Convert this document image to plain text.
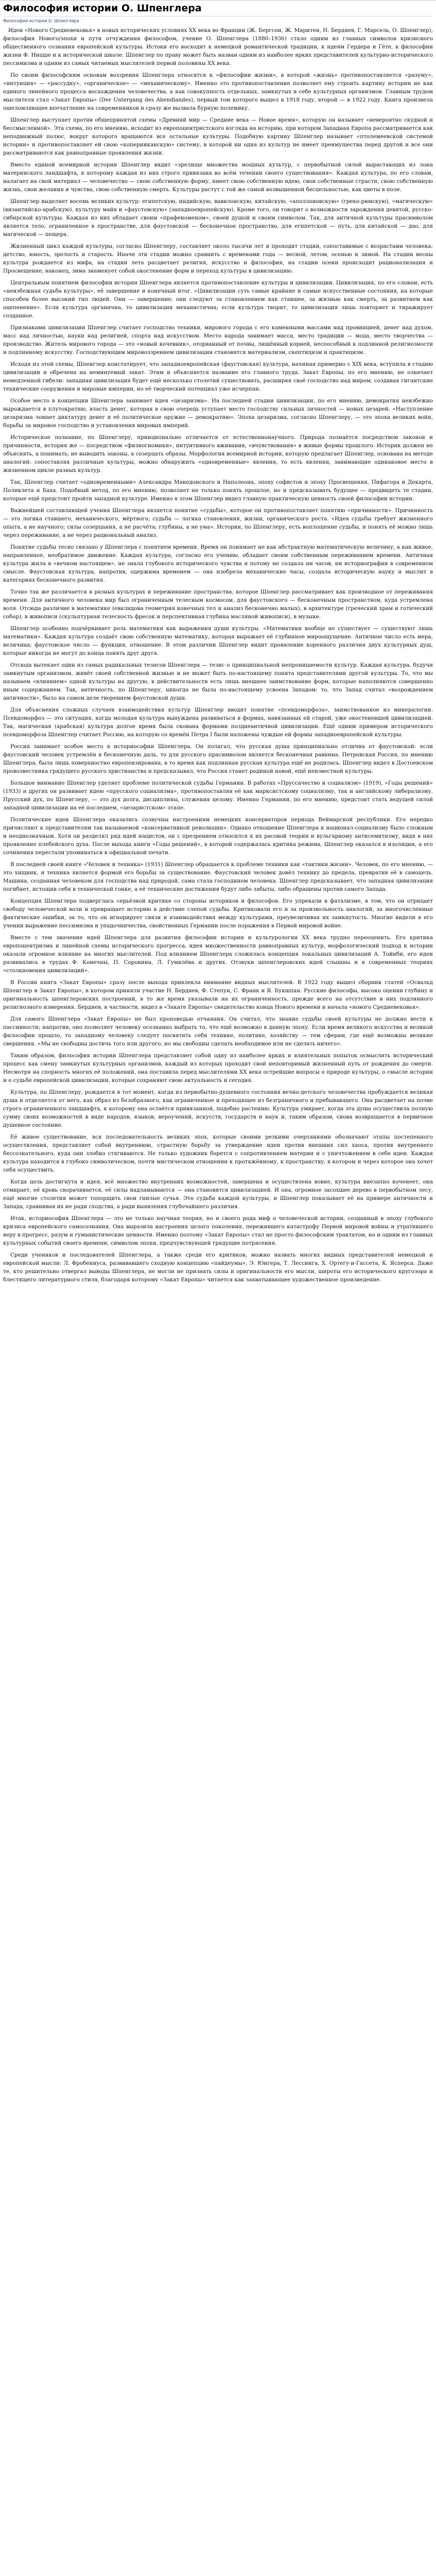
Философия истории О. Шпенглера
Философия истории О. Шпенглера

Идеи «Нового Средневековья» в новых исторических условиях XX века во Франции (Ж. Бергсон, Ж. Маритен, Н. Бердяев, Г. Марсель, О. Шпенглер), философия Нового/эпохи и пути отчуждения философом, учение О. Шпенглера (1880–1936) стало одним из главных символов кризисного общественного сознания европейской культуры. Истоки его восходят к немецкой романтической традиции, к идеям Гердера и Гёте, к философии жизни Ф. Ницше и к исторической школе. Шпенглер по праву может быть назван одним из наиболее ярких представителей культурно-исторического пессимизма и одним из самых читаемых мыслителей первой половины XX века.

По своим философским основам воззрения Шпенглера относятся к «философии жизни», в которой «жизнь» противопоставляется «разуму», «интуиция» — «рассудку», «органическое» — «механическому». Именно это противопоставление позволяет ему строить картину истории не как единого линейного процесса восхождения человечества, а как совокупность отдельных, замкнутых в себе культурных организмов. Главным трудом мыслителя стал «Закат Европы» (Der Untergang des Abendlandes), первый том которого вышел в 1918 году, второй — в 1922 году. Книга произвела ошеломляющее впечатление на современников и сразу же вызвала бурную полемику.

Шпенглер выступает против общепринятой схемы «Древний мир — Средние века — Новое время», которую он называет «невероятно скудной и бессмысленной». Эта схема, по его мнению, исходит из европоцентристского взгляда на историю, при котором Западная Европа рассматривается как неподвижный полюс, вокруг которого вращаются все остальные культуры. Подобную картину Шпенглер называет «птолемеевской системой истории» и противопоставляет ей свою «коперниканскую» систему, в которой ни одна из культур не имеет преимущества перед другой и все они рассматриваются как равноправные проявления жизни.

Вместо единой всемирной истории Шпенглер видит «зрелище множества мощных культур, с первобытной силой вырастающих из лона материнского ландшафта, к которому каждая из них строго привязана во всём течении своего существования». Каждая культура, по его словам, налагает на свой материал — человечество — свою собственную форму, имеет свою собственную идею, свои собственные страсти, свою собственную жизнь, свои желания и чувства, свою собственную смерть. Культуры растут с той же самой возвышенной бесцельностью, как цветы в поле.

Шпенглер выделяет восемь великих культур: египетскую, индийскую, вавилонскую, китайскую, «аполлоновскую» (греко-римскую), «магическую» (византийско-арабскую), культуру майя и «фаустовскую» (западноевропейскую). Кроме того, он говорит о возможности зарождения девятой, русско-сибирской культуры. Каждая из них обладает своим «прафеноменом», своей душой и своим символом. Так, для античной культуры прасимволом является тело, ограниченное в пространстве, для фаустовской — бесконечное пространство, для египетской — путь, для китайской — дао, для магической — пещера.

Жизненный цикл каждой культуры, согласно Шпенглеру, составляет около тысячи лет и проходит стадии, сопоставимые с возрастами человека: детство, юность, зрелость и старость. Иначе эти стадии можно сравнить с временами года — весной, летом, осенью и зимой. На стадии весны культура рождается из мифа, на стадии лета расцветает религия, искусство и философия, на стадии осени происходит рационализация и Просвещение, наконец, зима знаменует собой окостенение форм и переход культуры в цивилизацию.

Центральным понятием философии истории Шпенглера является противопоставление культуры и цивилизации. Цивилизация, по его словам, есть «неизбежная судьба культуры», её завершение и конечный итог. «Цивилизации суть самые крайние и самые искусственные состояния, на которые способен более высокий тип людей. Они — завершение; они следуют за становлением как ставшее, за жизнью как смерть, за развитием как оцепенение». Если культура органична, то цивилизация механистична; если культура творит, то цивилизация лишь повторяет и тиражирует созданное.

Признаками цивилизации Шпенглер считает господство техники, мирового города с его каменными массами над провинцией, денег над духом, масс над личностью, науки над религией, спорта над искусством. Место народа занимает масса, место традиции — мода, место творчества — производство. Житель мирового города — это «новый кочевник», оторванный от почвы, лишённый корней, неспособный к подлинной религиозности и подлинному искусству. Господствующим мировоззрением цивилизации становятся материализм, скептицизм и практицизм.

Исходя из этой схемы, Шпенглер констатирует, что западноевропейская (фаустовская) культура, начиная примерно с XIX века, вступила в стадию цивилизации и обречена на неминуемый закат. Этим и объясняется название его главного труда. Закат Европы, по его мнению, не означает немедленной гибели: западная цивилизация будет ещё несколько столетий существовать, расширяя своё господство над миром, создавая гигантские технические сооружения и мировые империи, но её творческий потенциал уже исчерпан.

Особое место в концепции Шпенглера занимает идея «цезаризма». На последней стадии цивилизации, по его мнению, демократия неизбежно вырождается в плутократию, власть денег, которая в свою очередь уступает место господству сильных личностей — новых цезарей. «Наступление цезаризма ломает диктатуру денег и её политическое оружие — демократию». Эпоха цезаризма, согласно Шпенглеру, — это эпоха великих войн, борьбы за мировое господство и установления мировых империй.

Историческое познание, по Шпенглеру, принципиально отличается от естественнонаучного. Природа познаётся посредством законов и причинности, история же — посредством «физиогномики», интуитивного вживания, «вчувствования» в живые формы прошлого. Историк должен не объяснять, а понимать; не выводить законы, а созерцать образы. Морфология всемирной истории, которую предлагает Шпенглер, основана на методе аналогий: сопоставляя различные культуры, можно обнаружить «одновременные» явления, то есть явления, занимающие одинаковое место в жизненном цикле разных культур.

Так, Шпенглер считает «одновременными» Александра Македонского и Наполеона, эпоху софистов и эпоху Просвещения, Пифагора и Декарта, Поликлета и Баха. Подобный метод, по его мнению, позволяет не только понять прошлое, но и предсказывать будущее — предвидеть те стадии, которые ещё предстоит пройти западной культуре. Именно в этом Шпенглер видел главную практическую ценность своей философии истории.

Важнейшей составляющей учения Шпенглера является понятие «судьбы», которое он противопоставляет понятию «причинности». Причинность — это логика ставшего, механического, мёртвого; судьба — логика становления, жизни, органического роста. «Идея судьбы требует жизненного опыта, а не научного; силы созерцания, а не расчёта; глубины, а не ума». История, по Шпенглеру, есть воплощение судьбы, и понять её можно лишь через переживание, а не через рациональный анализ.

Понятие судьбы тесно связано у Шпенглера с понятием времени. Время он понимает не как абстрактную математическую величину, а как живое, направленное, необратимое движение. Каждая культура, согласно его учению, обладает своим собственным переживанием времени. Античная культура жила в «вечном настоящем», не знала глубокого исторического чувства и потому не создала ни часов, ни историографии в современном смысле. Фаустовская культура, напротив, одержима временем — она изобрела механические часы, создала историческую науку и мыслит в категориях бесконечного развития.

Точно так же различается в разных культурах и переживание пространства, которое Шпенглер рассматривает как производное от переживания времени. Для античного человека мир был ограниченным телесным космосом, для фаустовского — бесконечным пространством, куда устремлена воля. Отсюда различие в математике (евклидова геометрия конечных тел и анализ бесконечно малых), в архитектуре (греческий храм и готический собор), в живописи (скульптурная телесность фресок и перспективная глубина масляной живописи), в музыке.

Шпенглер особенно подчёркивает роль математики как выражения души культуры. «Математики вообще не существует — существуют лишь математики». Каждая культура создаёт свою собственную математику, которая выражает её глубинное мироощущение. Античное число есть мера, величина; фаустовское число — функция, отношение. В этом различии Шпенглер видит проявление коренного различия двух культурных душ, которые никогда не могут до конца понять друг друга.

Отсюда вытекает один из самых радикальных тезисов Шпенглера — тезис о принципиальной непроницаемости культур. Каждая культура, будучи замкнутым организмом, живёт своей собственной жизнью и не может быть по-настоящему понята представителями другой культуры. То, что мы называем «влиянием» одной культуры на другую, в действительности есть лишь внешнее заимствование форм, которые наполняются совершенно иным содержанием. Так, античность, по Шпенглеру, никогда не была по-настоящему усвоена Западом: то, что Запад считал «возрождением античности», было на самом деле творением фаустовской души.

Для объяснения сложных случаев взаимодействия культур Шпенглер вводит понятие «псевдоморфоза», заимствованное из минералогии. Псевдоморфоз — это ситуация, когда молодая культура вынуждена развиваться в формах, навязанных ей старой, уже окостеневшей цивилизацией. Так, магическая (арабская) культура долгое время была скована формами позднеантичной цивилизации. Ещё одним примером исторического псевдоморфоза Шпенглер считает Россию, на которую со времён Петра I были наложены чуждые ей формы западноевропейской культуры.

Россия занимает особое место в историософии Шпенглера. Он полагал, что русская душа принципиально отлична от фаустовской: если фаустовский человек устремлён в бесконечную даль, то для русского прасимволом является бесконечная равнина. Петровская Россия, по мнению Шпенглера, была лишь поверхностно европеизирована, в то время как подлинная русская культура ещё не родилась. Шпенглер видел в Достоевском провозвестника грядущего русского христианства и предсказывал, что Россия станет родиной новой, ещё неизвестной культуры.

Большое внимание Шпенглер уделяет проблеме политической судьбы Германии. В работах «Пруссачество и социализм» (1919), «Годы решений» (1933) и других он развивает идею «прусского социализма», противопоставляя её как марксистскому социализму, так и английскому либерализму. Прусский дух, по Шпенглеру, — это дух долга, дисциплины, служения целому. Именно Германии, по его мнению, предстоит стать ведущей силой западной цивилизации на её последнем, «цезаристском» этапе.

Политические идеи Шпенглера оказались созвучны настроениям немецких консерваторов периода Веймарской республики. Его нередко причисляют к представителям так называемой «консервативной революции». Однако отношение Шпенглера к национал-социализму было сложным и неоднозначным. Хотя он разделял ряд идей нацистов, он с презрением относился к их расовой теории и вульгарному антисемитизму, видя в них проявление плебейского духа. После выхода книги «Годы решений», в которой содержалась критика режима, Шпенглер оказался в изоляции, а его сочинения перестали упоминаться в официальной печати.

В последней своей книге «Человек и техника» (1931) Шпенглер обращается к проблеме техники как «тактики жизни». Человек, по его мнению, — это хищник, и техника является формой его борьбы за существование. Фаустовский человек довёл технику до предела, превратив её в самоцель. Машина, созданная человеком для господства над природой, сама стала господином человека. Шпенглер предсказывает, что западная цивилизация погибнет, истощив себя в технической гонке, а её технические достижения будут либо забыты, либо обращены против самого Запада.

Концепция Шпенглера подверглась серьёзной критике со стороны историков и философов. Его упрекали в фатализме, в том, что он отрицает свободу человеческой воли и превращает историю в действие слепой судьбы. Критиковали его и за произвольность аналогий, за многочисленные фактические ошибки, за то, что он игнорирует связи и взаимодействия между культурами, преувеличивая их замкнутость. Многие видели в его учении выражение пессимизма и упадочничества, свойственных Германии после поражения в Первой мировой войне.

Вместе с тем значение идей Шпенглера для развития философии истории и культурологии XX века трудно переоценить. Его критика европоцентризма и линейной схемы исторического прогресса, идея множественности равноправных культур, морфологический подход к истории оказали огромное влияние на многих мыслителей. Под влиянием Шпенглера сложилась концепция локальных цивилизаций А. Тойнби, его идеи развивались в трудах Ф. Конечны, П. Сорокина, Л. Гумилёва и других. Отзвуки шпенглеровских идей слышны и в современных теориях «столкновения цивилизаций».

В России книга «Закат Европы» сразу после выхода привлекла внимание видных мыслителей. В 1922 году вышел сборник статей «Освальд Шпенглер и Закат Европы», в котором приняли участие Н. Бердяев, Ф. Степун, С. Франк и Я. Букшпан. Русские философы, высоко оценив глубину и оригинальность шпенглеровских построений, в то же время указывали на их ограниченность, прежде всего на отсутствие в них подлинного религиозного измерения. Бердяев, в частности, видел в «Закате Европы» свидетельство конца Нового времени и начала «нового Средневековья».

Для самого Шпенглера «Закат Европы» не был проповедью отчаяния. Он считал, что знание судьбы своей культуры не должно вести к пассивности; напротив, оно позволяет человеку осознанно выбрать то, что ещё возможно в данную эпоху. Если время великого искусства и великой философии прошло, то западному человеку следует посвятить себя технике, политике, хозяйству — тем сферам, где ещё возможны великие свершения. «Мы не свободны достичь того или другого, но мы свободны сделать необходимое или не сделать ничего».

Таким образом, философия истории Шпенглера представляет собой одну из наиболее ярких и влиятельных попыток осмыслить исторический процесс как смену замкнутых культурных организмов, каждый из которых проходит свой неповторимый жизненный путь от рождения до смерти. Несмотря на спорность многих её положений, она поставила перед мыслителями XX века острейшие вопросы о природе культуры, о смысле истории и о судьбе европейской цивилизации, которые сохраняют свою актуальность и сегодня.

Культура, по Шпенглеру, рождается в тот момент, когда из первобытно-душевного состояния вечно-детского человечества пробуждается великая душа и отделяется от него, как образ из безобразного, как ограниченное и преходящее из безграничного и пребывающего. Она расцветает на почве строго ограниченного ландшафта, к которому она остаётся привязанной, подобно растению. Культура умирает, когда эта душа осуществила полную сумму своих возможностей в виде народов, языков, вероучений, искусств, государств и наук и, таким образом, снова возвращается в первичное душевное состояние.

Её живое существование, вся последовательность великих эпох, которые своими резкими очертаниями обозначают этапы постепенного осуществления, представляет собой внутреннюю, страстную борьбу за утверждение идеи против внешних сил хаоса, против внутреннего бессознательного, куда они злобно стягиваются. Не только художник борется с сопротивлением материи и с уничтожением в себе идеи. Каждая культура находится в глубоко символическом, почти мистическом отношении к протяжённому, к пространству, в котором и через которое она хочет себя осуществить.

Когда цель достигнута и идея, всё множество внутренних возможностей, завершена и осуществлена вовне, культура внезапно коченеет, она отмирает, её кровь сворачивается, её силы надламываются — она становится цивилизацией. И она, огромное засохшее дерево в первобытном лесу, ещё многие столетия может топорщить свои гнилые сучья. Это судьба каждой культуры, и Шпенглер показывает её на примере античности и Запада, сравнивая их не ради сходства, а ради выявления глубочайшего различия.

Итак, историософия Шпенглера — это не только научная теория, но и своего рода миф о человеческой истории, созданный в эпоху глубокого кризиса европейского самосознания. Она выразила настроения целого поколения, пережившего катастрофу Первой мировой войны и утратившего веру в прогресс, разум и гуманистические ценности. Именно поэтому «Закат Европы» стал не просто философским трактатом, но и одним из главных культурных событий своего времени, символом эпохи, предчувствующей грядущие потрясения.

Среди учеников и последователей Шпенглера, а также среди его критиков, можно назвать многих видных представителей немецкой и европейской мысли: Л. Фробениуса, развивавшего сходную концепцию «пайдеумы», Э. Юнгера, Т. Лессинга, Х. Ортегу-и-Гассета, К. Ясперса. Даже те, кто решительно отвергал выводы Шпенглера, не могли не признать силы и оригинальности его мысли, широты его исторического кругозора и блестящего литературного стиля, благодаря которому «Закат Европы» читается как захватывающее художественное произведение.
